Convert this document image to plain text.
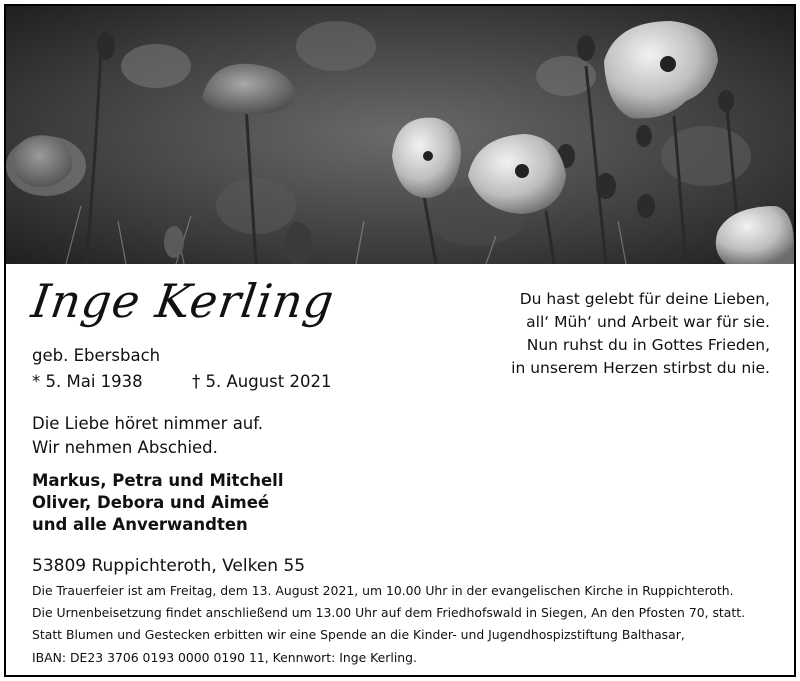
Inge Kerling	Du hast gelebt für deine Lieben,
all‘ Müh‘ und Arbeit war für sie.
Nun ruhst du in Gottes Frieden,
in unserem Herzen stirbst du nie.
geb. Ebersbach
* 5. Mai 1938	† 5. August 2021
Die Liebe höret nimmer auf.
Wir nehmen Abschied.
Markus, Petra und Mitchell
Oliver, Debora und Aimeé
und alle Anverwandten
53809 Ruppichteroth, Velken 55
Die Trauerfeier ist am Freitag, dem 13. August 2021, um 10.00 Uhr in der evangelischen Kirche in Ruppichteroth.
Die Urnenbeisetzung findet anschließend um 13.00 Uhr auf dem Friedhofswald in Siegen, An den Pfosten 70, statt.
Statt Blumen und Gestecken erbitten wir eine Spende an die Kinder- und Jugendhospizstiftung Balthasar,
IBAN: DE23 3706 0193 0000 0190 11, Kennwort: Inge Kerling.
